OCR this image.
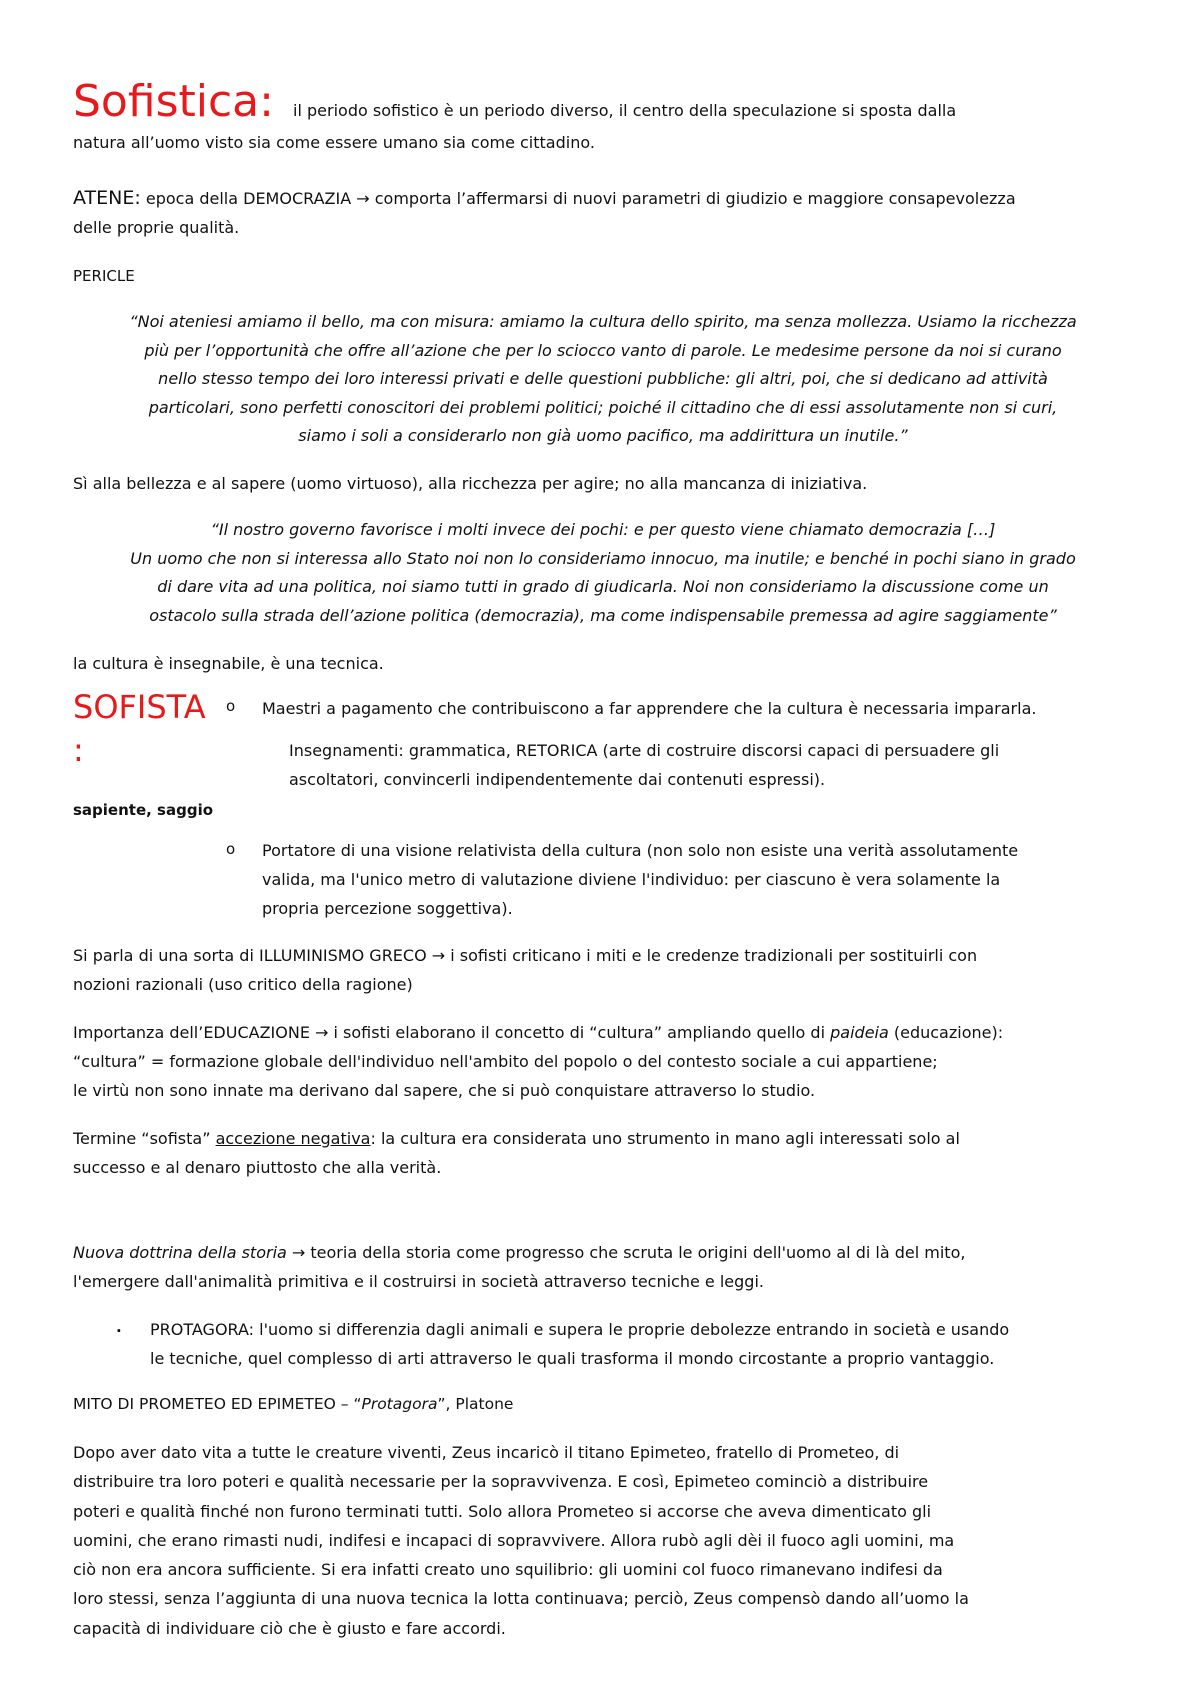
Sofistica: il periodo sofistico è un periodo diverso, il centro della speculazione si sposta dalla
natura all’uomo visto sia come essere umano sia come cittadino.
ATENE: epoca della DEMOCRAZIA → comporta l’affermarsi di nuovi parametri di giudizio e maggiore consapevolezza
delle proprie qualità.
PERICLE
“Noi ateniesi amiamo il bello, ma con misura: amiamo la cultura dello spirito, ma senza mollezza. Usiamo la ricchezza
più per l’opportunità che offre all’azione che per lo sciocco vanto di parole. Le medesime persone da noi si curano
nello stesso tempo dei loro interessi privati e delle questioni pubbliche: gli altri, poi, che si dedicano ad attività
particolari, sono perfetti conoscitori dei problemi politici; poiché il cittadino che di essi assolutamente non si curi,
siamo i soli a considerarlo non già uomo pacifico, ma addirittura un inutile.”
Sì alla bellezza e al sapere (uomo virtuoso), alla ricchezza per agire; no alla mancanza di iniziativa.
“Il nostro governo favorisce i molti invece dei pochi: e per questo viene chiamato democrazia […]
Un uomo che non si interessa allo Stato noi non lo consideriamo innocuo, ma inutile; e benché in pochi siano in grado
di dare vita ad una politica, noi siamo tutti in grado di giudicarla. Noi non consideriamo la discussione come un
ostacolo sulla strada dell’azione politica (democrazia), ma come indispensabile premessa ad agire saggiamente”
la cultura è insegnabile, è una tecnica.
SOFISTA
:
sapiente, saggio
o Maestri a pagamento che contribuiscono a far apprendere che la cultura è necessaria impararla.
Insegnamenti: grammatica, RETORICA (arte di costruire discorsi capaci di persuadere gli
ascoltatori, convincerli indipendentemente dai contenuti espressi).
o Portatore di una visione relativista della cultura (non solo non esiste una verità assolutamente
valida, ma l'unico metro di valutazione diviene l'individuo: per ciascuno è vera solamente la
propria percezione soggettiva).
Si parla di una sorta di ILLUMINISMO GRECO → i sofisti criticano i miti e le credenze tradizionali per sostituirli con
nozioni razionali (uso critico della ragione)
Importanza dell’EDUCAZIONE → i sofisti elaborano il concetto di “cultura” ampliando quello di paideia (educazione):
“cultura” = formazione globale dell'individuo nell'ambito del popolo o del contesto sociale a cui appartiene;
le virtù non sono innate ma derivano dal sapere, che si può conquistare attraverso lo studio.
Termine “sofista” accezione negativa: la cultura era considerata uno strumento in mano agli interessati solo al
successo e al denaro piuttosto che alla verità.
Nuova dottrina della storia → teoria della storia come progresso che scruta le origini dell'uomo al di là del mito,
l'emergere dall'animalità primitiva e il costruirsi in società attraverso tecniche e leggi.
. PROTAGORA: l'uomo si differenzia dagli animali e supera le proprie debolezze entrando in società e usando
le tecniche, quel complesso di arti attraverso le quali trasforma il mondo circostante a proprio vantaggio.
MITO DI PROMETEO ED EPIMETEO – “Protagora”, Platone
Dopo aver dato vita a tutte le creature viventi, Zeus incaricò il titano Epimeteo, fratello di Prometeo, di
distribuire tra loro poteri e qualità necessarie per la sopravvivenza. E così, Epimeteo cominciò a distribuire
poteri e qualità finché non furono terminati tutti. Solo allora Prometeo si accorse che aveva dimenticato gli
uomini, che erano rimasti nudi, indifesi e incapaci di sopravvivere. Allora rubò agli dèi il fuoco agli uomini, ma
ciò non era ancora sufficiente. Si era infatti creato uno squilibrio: gli uomini col fuoco rimanevano indifesi da
loro stessi, senza l’aggiunta di una nuova tecnica la lotta continuava; perciò, Zeus compensò dando all’uomo la
capacità di individuare ciò che è giusto e fare accordi.
